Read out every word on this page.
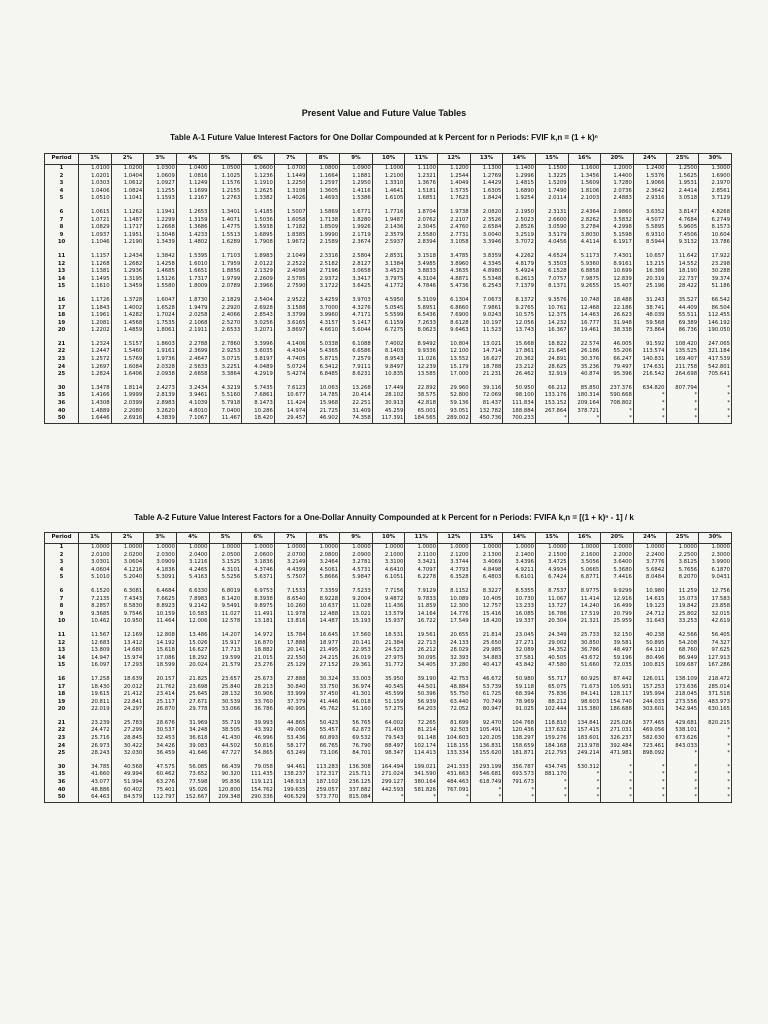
Present Value and Future Value Tables
Table A-1 Future Value Interest Factors for One Dollar Compounded at k Percent for n Periods: FVIF k,n = (1 + k)ⁿ
Period	1%	2%	3%	4%	5%	6%	7%	8%	9%	10%	11%	12%	13%	14%	15%	16%	20%	24%	25%	30%
1	1.0100	1.0200	1.0300	1.0400	1.0500	1.0600	1.0700	1.0800	1.0900	1.1000	1.1100	1.1200	1.1300	1.1400	1.1500	1.1600	1.2000	1.2400	1.2500	1.3000
2	1.0201	1.0404	1.0609	1.0816	1.1025	1.1236	1.1449	1.1664	1.1881	1.2100	1.2321	1.2544	1.2769	1.2996	1.3225	1.3456	1.4400	1.5376	1.5625	1.6900
3	1.0303	1.0612	1.0927	1.1249	1.1576	1.1910	1.2250	1.2597	1.2950	1.3310	1.3676	1.4049	1.4429	1.4815	1.5209	1.5609	1.7280	1.9066	1.9531	2.1970
4	1.0406	1.0824	1.1255	1.1699	1.2155	1.2625	1.3108	1.3605	1.4116	1.4641	1.5181	1.5735	1.6305	1.6890	1.7490	1.8106	2.0736	2.3642	2.4414	2.8561
5	1.0510	1.1041	1.1593	1.2167	1.2763	1.3382	1.4026	1.4693	1.5386	1.6105	1.6851	1.7623	1.8424	1.9254	2.0114	2.1003	2.4883	2.9316	3.0518	3.7129

6	1.0615	1.1262	1.1941	1.2653	1.3401	1.4185	1.5007	1.5869	1.6771	1.7716	1.8704	1.9738	2.0820	2.1950	2.3131	2.4364	2.9860	3.6352	3.8147	4.8268
7	1.0721	1.1487	1.2299	1.3159	1.4071	1.5036	1.6058	1.7138	1.8280	1.9487	2.0762	2.2107	2.3526	2.5023	2.6600	2.8262	3.5832	4.5077	4.7684	6.2749
8	1.0829	1.1717	1.2668	1.3686	1.4775	1.5938	1.7182	1.8509	1.9926	2.1436	2.3045	2.4760	2.6584	2.8526	3.0590	3.2784	4.2998	5.5895	5.9605	8.1573
9	1.0937	1.1951	1.3048	1.4233	1.5513	1.6895	1.8385	1.9990	2.1719	2.3579	2.5580	2.7731	3.0040	3.2519	3.5179	3.8030	5.1598	6.9310	7.4506	10.604
10	1.1046	1.2190	1.3439	1.4802	1.6289	1.7908	1.9672	2.1589	2.3674	2.5937	2.8394	3.1058	3.3946	3.7072	4.0456	4.4114	6.1917	8.5944	9.3132	13.786

11	1.1157	1.2434	1.3842	1.5395	1.7103	1.8983	2.1049	2.3316	2.5804	2.8531	3.1518	3.4785	3.8359	4.2262	4.6524	5.1173	7.4301	10.657	11.642	17.922
12	1.1268	1.2682	1.4258	1.6010	1.7959	2.0122	2.2522	2.5182	2.8127	3.1384	3.4985	3.8960	4.3345	4.8179	5.3503	5.9360	8.9161	13.215	14.552	23.298
13	1.1381	1.2936	1.4685	1.6651	1.8856	2.1329	2.4098	2.7196	3.0658	3.4523	3.8833	4.3635	4.8980	5.4924	6.1528	6.8858	10.699	16.386	18.190	30.288
14	1.1495	1.3195	1.5126	1.7317	1.9799	2.2609	2.5785	2.9372	3.3417	3.7975	4.3104	4.8871	5.5348	6.2613	7.0757	7.9875	12.839	20.319	22.737	39.374
15	1.1610	1.3459	1.5580	1.8009	2.0789	2.3966	2.7590	3.1722	3.6425	4.1772	4.7846	5.4736	6.2543	7.1379	8.1371	9.2655	15.407	25.196	28.422	51.186

16	1.1726	1.3728	1.6047	1.8730	2.1829	2.5404	2.9522	3.4259	3.9703	4.5950	5.3109	6.1304	7.0673	8.1372	9.3576	10.748	18.488	31.243	35.527	66.542
17	1.1843	1.4002	1.6528	1.9479	2.2920	2.6928	3.1588	3.7000	4.3276	5.0545	5.8951	6.8660	7.9861	9.2765	10.761	12.468	22.186	38.741	44.409	86.504
18	1.1961	1.4282	1.7024	2.0258	2.4066	2.8543	3.3799	3.9960	4.7171	5.5599	6.5436	7.6900	9.0243	10.575	12.375	14.463	26.623	48.039	55.511	112.455
19	1.2081	1.4568	1.7535	2.1068	2.5270	3.0256	3.6165	4.3157	5.1417	6.1159	7.2633	8.6128	10.197	12.056	14.232	16.777	31.948	59.568	69.389	146.192
20	1.2202	1.4859	1.8061	2.1911	2.6533	3.2071	3.8697	4.6610	5.6044	6.7275	8.0623	9.6463	11.523	13.743	16.367	19.461	38.338	73.864	86.736	190.050

21	1.2324	1.5157	1.8603	2.2788	2.7860	3.3996	4.1406	5.0338	6.1088	7.4002	8.9492	10.804	13.021	15.668	18.822	22.574	46.005	91.592	108.420	247.065
22	1.2447	1.5460	1.9161	2.3699	2.9253	3.6035	4.4304	5.4365	6.6586	8.1403	9.9336	12.100	14.714	17.861	21.645	26.186	55.206	113.574	135.525	321.184
23	1.2572	1.5769	1.9736	2.4647	3.0715	3.8197	4.7405	5.8715	7.2579	8.9543	11.026	13.552	16.627	20.362	24.891	30.376	66.247	140.831	169.407	417.539
24	1.2697	1.6084	2.0328	2.5633	3.2251	4.0489	5.0724	6.3412	7.9111	9.8497	12.239	15.179	18.788	23.212	28.625	35.236	79.497	174.631	211.758	542.801
25	1.2824	1.6406	2.0938	2.6658	3.3864	4.2919	5.4274	6.8485	8.6231	10.835	13.585	17.000	21.231	26.462	32.919	40.874	95.396	216.542	264.698	705.641

30	1.3478	1.8114	2.4273	3.2434	4.3219	5.7435	7.6123	10.063	13.268	17.449	22.892	29.960	39.116	50.950	66.212	85.850	237.376	634.820	807.794	*
35	1.4166	1.9999	2.8139	3.9461	5.5160	7.6861	10.677	14.785	20.414	28.102	38.575	52.800	72.069	98.100	133.176	180.314	590.668	*	*	*
36	1.4308	2.0399	2.8983	4.1039	5.7918	8.1473	11.424	15.968	22.251	30.913	42.818	59.136	81.437	111.834	153.152	209.164	708.802	*	*	*
40	1.4889	2.2080	3.2620	4.8010	7.0400	10.286	14.974	21.725	31.409	45.259	65.001	93.051	132.782	188.884	267.864	378.721	*	*	*	*
50	1.6446	2.6916	4.3839	7.1067	11.467	18.420	29.457	46.902	74.358	117.391	184.565	289.002	450.736	700.233	*	*	*	*	*	*
Table A-2 Future Value Interest Factors for a One-Dollar Annuity Compounded at k Percent for n Periods: FVIFA k,n = [(1 + k)ⁿ - 1] / k
Period	1%	2%	3%	4%	5%	6%	7%	8%	9%	10%	11%	12%	13%	14%	15%	16%	20%	24%	25%	30%
1	1.0000	1.0000	1.0000	1.0000	1.0000	1.0000	1.0000	1.0000	1.0000	1.0000	1.0000	1.0000	1.0000	1.0000	1.0000	1.0000	1.0000	1.0000	1.0000	1.0000
2	2.0100	2.0200	2.0300	2.0400	2.0500	2.0600	2.0700	2.0800	2.0900	2.1000	2.1100	2.1200	2.1300	2.1400	2.1500	2.1600	2.2000	2.2400	2.2500	2.3000
3	3.0301	3.0604	3.0909	3.1216	3.1525	3.1836	3.2149	3.2464	3.2781	3.3100	3.3421	3.3744	3.4069	3.4396	3.4725	3.5056	3.6400	3.7776	3.8125	3.9900
4	4.0604	4.1216	4.1836	4.2465	4.3101	4.3746	4.4399	4.5061	4.5731	4.6410	4.7097	4.7793	4.8498	4.9211	4.9934	5.0665	5.3680	5.6842	5.7656	6.1870
5	5.1010	5.2040	5.3091	5.4163	5.5256	5.6371	5.7507	5.8666	5.9847	6.1051	6.2278	6.3528	6.4803	6.6101	6.7424	6.8771	7.4416	8.0484	8.2070	9.0431

6	6.1520	6.3081	6.4684	6.6330	6.8019	6.9753	7.1533	7.3359	7.5233	7.7156	7.9129	8.1152	8.3227	8.5355	8.7537	8.9775	9.9299	10.980	11.259	12.756
7	7.2135	7.4343	7.6625	7.8983	8.1420	8.3938	8.6540	8.9228	9.2004	9.4872	9.7833	10.089	10.405	10.730	11.067	11.414	12.916	14.615	15.073	17.583
8	8.2857	8.5830	8.8923	9.2142	9.5491	9.8975	10.260	10.637	11.028	11.436	11.859	12.300	12.757	13.233	13.727	14.240	16.499	19.123	19.842	23.858
9	9.3685	9.7546	10.159	10.583	11.027	11.491	11.978	12.488	13.021	13.579	14.164	14.776	15.416	16.085	16.786	17.519	20.799	24.712	25.802	32.015
10	10.462	10.950	11.464	12.006	12.578	13.181	13.816	14.487	15.193	15.937	16.722	17.549	18.420	19.337	20.304	21.321	25.959	31.643	33.253	42.619

11	11.567	12.169	12.808	13.486	14.207	14.972	15.784	16.645	17.560	18.531	19.561	20.655	21.814	23.045	24.349	25.733	32.150	40.238	42.566	56.405
12	12.683	13.412	14.192	15.026	15.917	16.870	17.888	18.977	20.141	21.384	22.713	24.133	25.650	27.271	29.002	30.850	39.581	50.895	54.208	74.327
13	13.809	14.680	15.618	16.627	17.713	18.882	20.141	21.495	22.953	24.523	26.212	28.029	29.985	32.089	34.352	36.786	48.497	64.110	68.760	97.625
14	14.947	15.974	17.086	18.292	19.599	21.015	22.550	24.215	26.019	27.975	30.095	32.393	34.883	37.581	40.505	43.672	59.196	80.496	86.949	127.913
15	16.097	17.293	18.599	20.024	21.579	23.276	25.129	27.152	29.361	31.772	34.405	37.280	40.417	43.842	47.580	51.660	72.035	100.815	109.687	167.286

16	17.258	18.639	20.157	21.825	23.657	25.673	27.888	30.324	33.003	35.950	39.190	42.753	46.672	50.980	55.717	60.925	87.442	126.011	138.109	218.472
17	18.430	20.012	21.762	23.698	25.840	28.213	30.840	33.750	36.974	40.545	44.501	48.884	53.739	59.118	65.075	71.673	105.931	157.253	173.636	285.014
18	19.615	21.412	23.414	25.645	28.132	30.906	33.999	37.450	41.301	45.599	50.396	55.750	61.725	68.394	75.836	84.141	128.117	195.994	218.045	371.518
19	20.811	22.841	25.117	27.671	30.539	33.760	37.379	41.446	46.018	51.159	56.939	63.440	70.749	78.969	88.212	98.603	154.740	244.033	273.556	483.973
20	22.019	24.297	26.870	29.778	33.066	36.786	40.995	45.762	51.160	57.275	64.203	72.052	80.947	91.025	102.444	115.380	186.688	303.601	342.945	630.165

21	23.239	25.783	28.676	31.969	35.719	39.993	44.865	50.423	56.765	64.002	72.265	81.699	92.470	104.768	118.810	134.841	225.026	377.465	429.681	820.215
22	24.472	27.299	30.537	34.248	38.505	43.392	49.006	55.457	62.873	71.403	81.214	92.503	105.491	120.436	137.632	157.415	271.031	469.056	538.101	*
23	25.716	28.845	32.453	36.618	41.430	46.996	53.436	60.893	69.532	79.543	91.148	104.603	120.205	138.297	159.276	183.601	326.237	582.630	673.626	*
24	26.973	30.422	34.426	39.083	44.502	50.816	58.177	66.765	76.790	88.497	102.174	118.155	136.831	158.659	184.168	213.978	392.484	723.461	843.033	*
25	28.243	32.030	36.459	41.646	47.727	54.865	63.249	73.106	84.701	98.347	114.413	133.334	155.620	181.871	212.793	249.214	471.981	898.092	*	*

30	34.785	40.568	47.575	56.085	66.439	79.058	94.461	113.283	136.308	164.494	199.021	241.333	293.199	356.787	434.745	530.312	*	*	*	*
35	41.660	49.994	60.462	73.652	90.320	111.435	138.237	172.317	215.711	271.024	341.590	431.663	546.681	693.573	881.170	*	*	*	*	*
36	43.077	51.994	63.276	77.598	95.836	119.121	148.913	187.102	236.125	299.127	380.164	484.463	618.749	791.673	*	*	*	*	*	*
40	48.886	60.402	75.401	95.026	120.800	154.762	199.635	259.057	337.882	442.593	581.826	767.091	*	*	*	*	*	*	*	*
50	64.463	84.579	112.797	152.667	209.348	290.336	406.529	573.770	815.084	*	*	*	*	*	*	*	*	*	*	*
